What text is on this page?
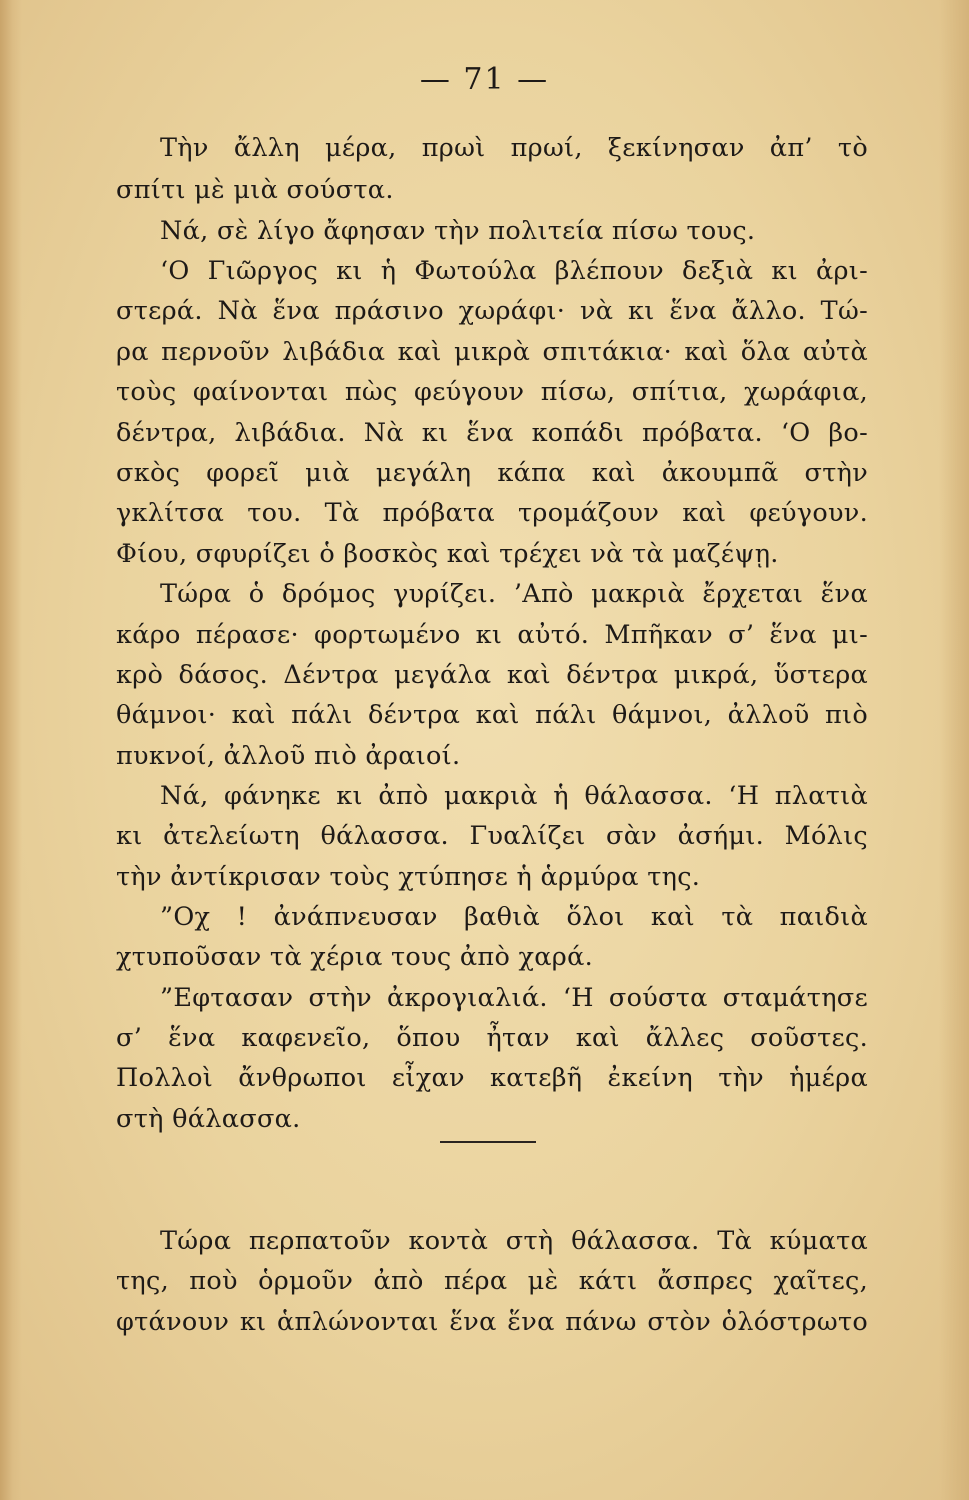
— 71 —
Τὴν ἄλλη μέρα, πρωὶ πρωί, ξεκίνησαν ἀπ’ τὸ
σπίτι μὲ μιὰ σούστα.
Νά, σὲ λίγο ἄφησαν τὴν πολιτεία πίσω τους.
‘Ο Γιῶργος κι ἡ Φωτούλα βλέπουν δεξιὰ κι ἀρι-
στερά. Νὰ ἕνα πράσινο χωράφι· νὰ κι ἕνα ἄλλο. Τώ-
ρα περνοῦν λιβάδια καὶ μικρὰ σπιτάκια· καὶ ὅλα αὐτὰ
τοὺς φαίνονται πὼς φεύγουν πίσω, σπίτια, χωράφια,
δέντρα, λιβάδια. Νὰ κι ἕνα κοπάδι πρόβατα. ‘Ο βο-
σκὸς φορεῖ μιὰ μεγάλη κάπα καὶ ἀκουμπᾶ στὴν
γκλίτσα του. Τὰ πρόβατα τρομάζουν καὶ φεύγουν.
Φίου, σφυρίζει ὁ βοσκὸς καὶ τρέχει νὰ τὰ μαζέψῃ.
Τώρα ὁ δρόμος γυρίζει. ’Απὸ μακριὰ ἔρχεται ἕνα
κάρο πέρασε· φορτωμένο κι αὐτό. Μπῆκαν σ’ ἕνα μι-
κρὸ δάσος. Δέντρα μεγάλα καὶ δέντρα μικρά, ὕστερα
θάμνοι· καὶ πάλι δέντρα καὶ πάλι θάμνοι, ἀλλοῦ πιὸ
πυκνοί, ἀλλοῦ πιὸ ἀραιοί.
Νά, φάνηκε κι ἀπὸ μακριὰ ἡ θάλασσα. ‘Η πλατιὰ
κι ἀτελείωτη θάλασσα. Γυαλίζει σὰν ἀσήμι. Μόλις
τὴν ἀντίκρισαν τοὺς χτύπησε ἡ ἁρμύρα της.
”Οχ ! ἀνάπνευσαν βαθιὰ ὅλοι καὶ τὰ παιδιὰ
χτυποῦσαν τὰ χέρια τους ἀπὸ χαρά.
”Εφτασαν στὴν ἀκρογιαλιά. ‘Η σούστα σταμάτησε
σ’ ἕνα καφενεῖο, ὅπου ἦταν καὶ ἄλλες σοῦστες.
Πολλοὶ ἄνθρωποι εἶχαν κατεβῆ ἐκείνη τὴν ἡμέρα
στὴ θάλασσα.
Τώρα περπατοῦν κοντὰ στὴ θάλασσα. Τὰ κύματα
της, ποὺ ὁρμοῦν ἀπὸ πέρα μὲ κάτι ἄσπρες χαῖτες,
φτάνουν κι ἁπλώνονται ἕνα ἕνα πάνω στὸν ὁλόστρωτο
